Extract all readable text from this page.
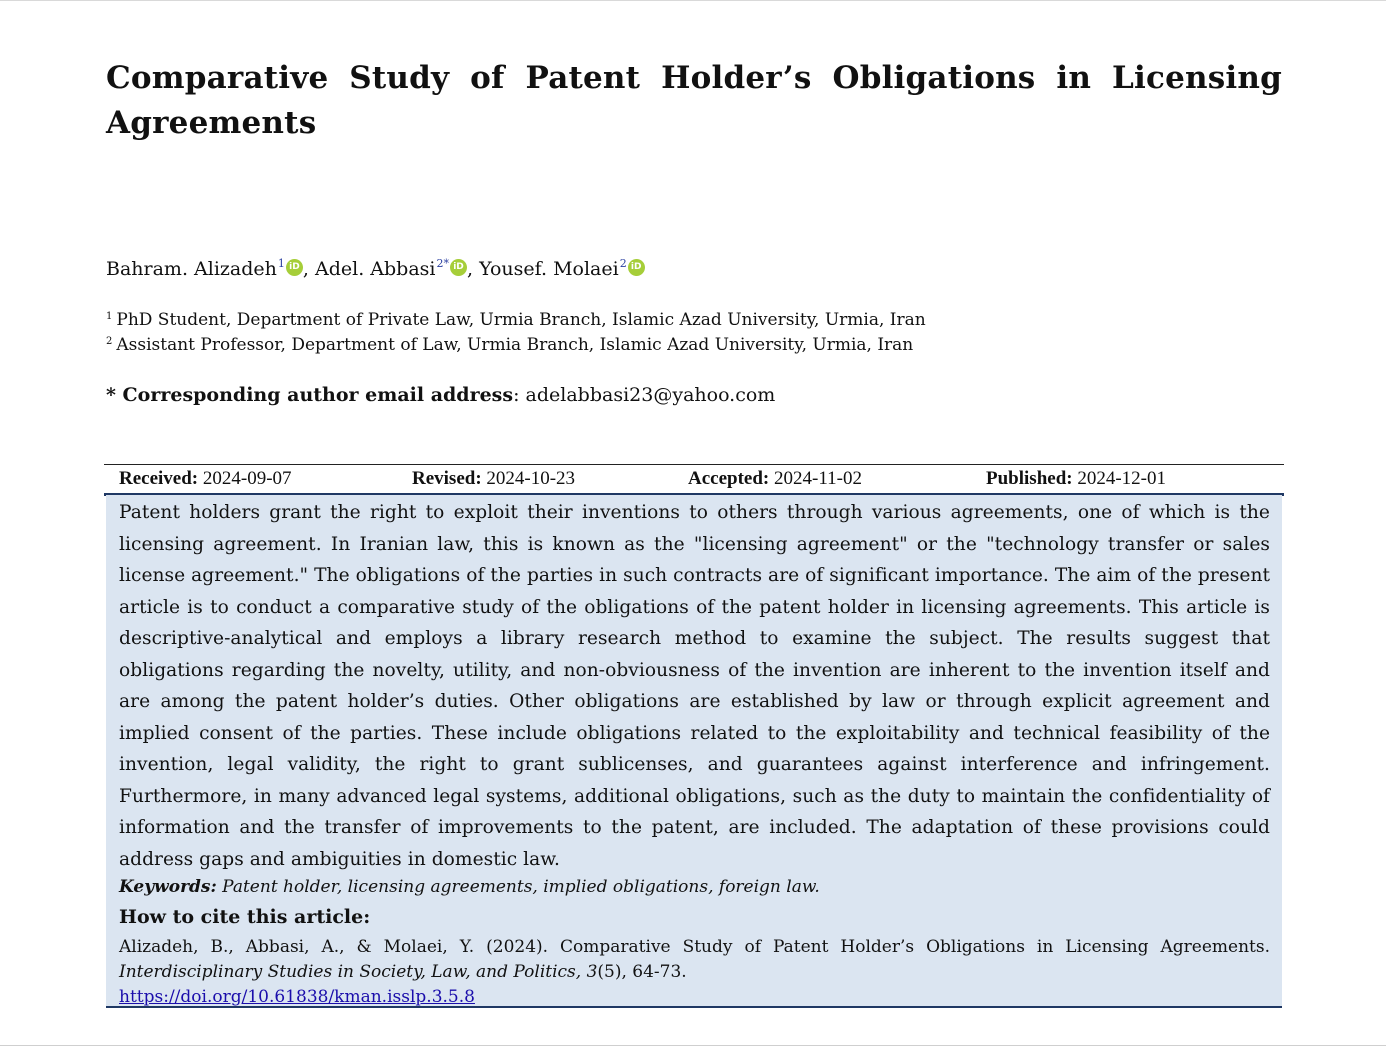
Comparative Study of Patent Holder’s Obligations in Licensing Agreements
Bahram. Alizadeh$^1$ iD , Adel. Abbasi$^{2*}$ iD , Yousef. Molaei$^2$ iD
$^1$ PhD Student, Department of Private Law, Urmia Branch, Islamic Azad University, Urmia, Iran
$^2$ Assistant Professor, Department of Law, Urmia Branch, Islamic Azad University, Urmia, Iran
* Corresponding author email address: adelabbasi23@yahoo.com
Received: 2024-09-07	Revised: 2024-10-23	Accepted: 2024-11-02	Published: 2024-12-01

Patent holders grant the right to exploit their inventions to others through various agreements, one of which is the licensing agreement. In Iranian law, this is known as the "licensing agreement" or the "technology transfer or sales license agreement." The obligations of the parties in such contracts are of significant importance. The aim of the present article is to conduct a comparative study of the obligations of the patent holder in licensing agreements. This article is descriptive-analytical and employs a library research method to examine the subject. The results suggest that obligations regarding the novelty, utility, and non-obviousness of the invention are inherent to the invention itself and are among the patent holder’s duties. Other obligations are established by law or through explicit agreement and implied consent of the parties. These include obligations related to the exploitability and technical feasibility of the invention, legal validity, the right to grant sublicenses, and guarantees against interference and infringement. Furthermore, in many advanced legal systems, additional obligations, such as the duty to maintain the confidentiality of information and the transfer of improvements to the patent, are included. The adaptation of these provisions could address gaps and ambiguities in domestic law.

Keywords: Patent holder, licensing agreements, implied obligations, foreign law.
How to cite this article:
Alizadeh, B., Abbasi, A., & Molaei, Y. (2024). Comparative Study of Patent Holder’s Obligations in Licensing Agreements. Interdisciplinary Studies in Society, Law, and Politics, 3(5), 64-73.
https://doi.org/10.61838/kman.isslp.3.5.8
